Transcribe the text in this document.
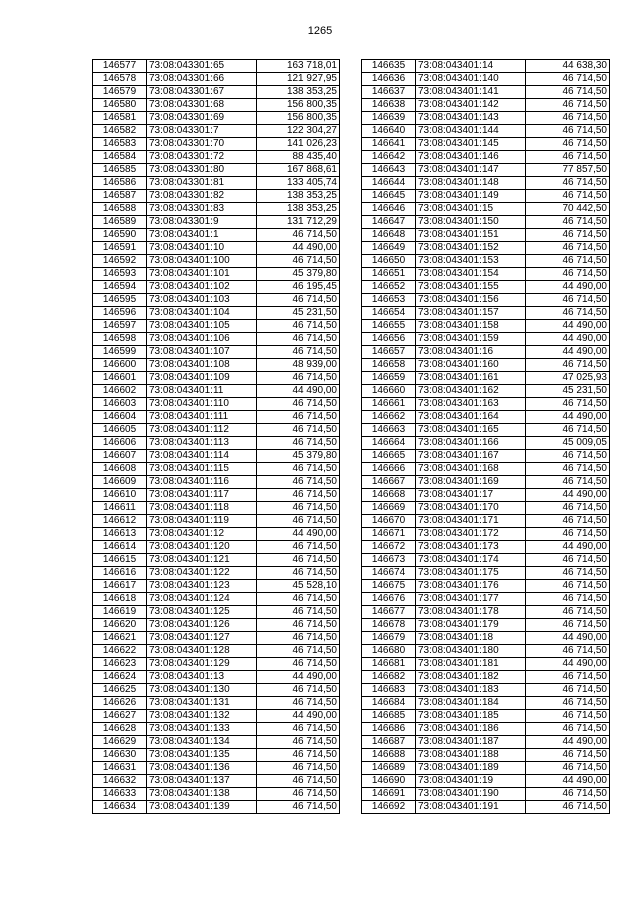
1265
146577	73:08:043301:65	163 718,01
146578	73:08:043301:66	121 927,95
146579	73:08:043301:67	138 353,25
146580	73:08:043301:68	156 800,35
146581	73:08:043301:69	156 800,35
146582	73:08:043301:7	122 304,27
146583	73:08:043301:70	141 026,23
146584	73:08:043301:72	88 435,40
146585	73:08:043301:80	167 868,61
146586	73:08:043301:81	133 405,74
146587	73:08:043301:82	138 353,25
146588	73:08:043301:83	138 353,25
146589	73:08:043301:9	131 712,29
146590	73:08:043401:1	46 714,50
146591	73:08:043401:10	44 490,00
146592	73:08:043401:100	46 714,50
146593	73:08:043401:101	45 379,80
146594	73:08:043401:102	46 195,45
146595	73:08:043401:103	46 714,50
146596	73:08:043401:104	45 231,50
146597	73:08:043401:105	46 714,50
146598	73:08:043401:106	46 714,50
146599	73:08:043401:107	46 714,50
146600	73:08:043401:108	48 939,00
146601	73:08:043401:109	46 714,50
146602	73:08:043401:11	44 490,00
146603	73:08:043401:110	46 714,50
146604	73:08:043401:111	46 714,50
146605	73:08:043401:112	46 714,50
146606	73:08:043401:113	46 714,50
146607	73:08:043401:114	45 379,80
146608	73:08:043401:115	46 714,50
146609	73:08:043401:116	46 714,50
146610	73:08:043401:117	46 714,50
146611	73:08:043401:118	46 714,50
146612	73:08:043401:119	46 714,50
146613	73:08:043401:12	44 490,00
146614	73:08:043401:120	46 714,50
146615	73:08:043401:121	46 714,50
146616	73:08:043401:122	46 714,50
146617	73:08:043401:123	45 528,10
146618	73:08:043401:124	46 714,50
146619	73:08:043401:125	46 714,50
146620	73:08:043401:126	46 714,50
146621	73:08:043401:127	46 714,50
146622	73:08:043401:128	46 714,50
146623	73:08:043401:129	46 714,50
146624	73:08:043401:13	44 490,00
146625	73:08:043401:130	46 714,50
146626	73:08:043401:131	46 714,50
146627	73:08:043401:132	44 490,00
146628	73:08:043401:133	46 714,50
146629	73:08:043401:134	46 714,50
146630	73:08:043401:135	46 714,50
146631	73:08:043401:136	46 714,50
146632	73:08:043401:137	46 714,50
146633	73:08:043401:138	46 714,50
146634	73:08:043401:139	46 714,50
146635	73:08:043401:14	44 638,30
146636	73:08:043401:140	46 714,50
146637	73:08:043401:141	46 714,50
146638	73:08:043401:142	46 714,50
146639	73:08:043401:143	46 714,50
146640	73:08:043401:144	46 714,50
146641	73:08:043401:145	46 714,50
146642	73:08:043401:146	46 714,50
146643	73:08:043401:147	77 857,50
146644	73:08:043401:148	46 714,50
146645	73:08:043401:149	46 714,50
146646	73:08:043401:15	70 442,50
146647	73:08:043401:150	46 714,50
146648	73:08:043401:151	46 714,50
146649	73:08:043401:152	46 714,50
146650	73:08:043401:153	46 714,50
146651	73:08:043401:154	46 714,50
146652	73:08:043401:155	44 490,00
146653	73:08:043401:156	46 714,50
146654	73:08:043401:157	46 714,50
146655	73:08:043401:158	44 490,00
146656	73:08:043401:159	44 490,00
146657	73:08:043401:16	44 490,00
146658	73:08:043401:160	46 714,50
146659	73:08:043401:161	47 025,93
146660	73:08:043401:162	45 231,50
146661	73:08:043401:163	46 714,50
146662	73:08:043401:164	44 490,00
146663	73:08:043401:165	46 714,50
146664	73:08:043401:166	45 009,05
146665	73:08:043401:167	46 714,50
146666	73:08:043401:168	46 714,50
146667	73:08:043401:169	46 714,50
146668	73:08:043401:17	44 490,00
146669	73:08:043401:170	46 714,50
146670	73:08:043401:171	46 714,50
146671	73:08:043401:172	46 714,50
146672	73:08:043401:173	44 490,00
146673	73:08:043401:174	46 714,50
146674	73:08:043401:175	46 714,50
146675	73:08:043401:176	46 714,50
146676	73:08:043401:177	46 714,50
146677	73:08:043401:178	46 714,50
146678	73:08:043401:179	46 714,50
146679	73:08:043401:18	44 490,00
146680	73:08:043401:180	46 714,50
146681	73:08:043401:181	44 490,00
146682	73:08:043401:182	46 714,50
146683	73:08:043401:183	46 714,50
146684	73:08:043401:184	46 714,50
146685	73:08:043401:185	46 714,50
146686	73:08:043401:186	46 714,50
146687	73:08:043401:187	44 490,00
146688	73:08:043401:188	46 714,50
146689	73:08:043401:189	46 714,50
146690	73:08:043401:19	44 490,00
146691	73:08:043401:190	46 714,50
146692	73:08:043401:191	46 714,50
